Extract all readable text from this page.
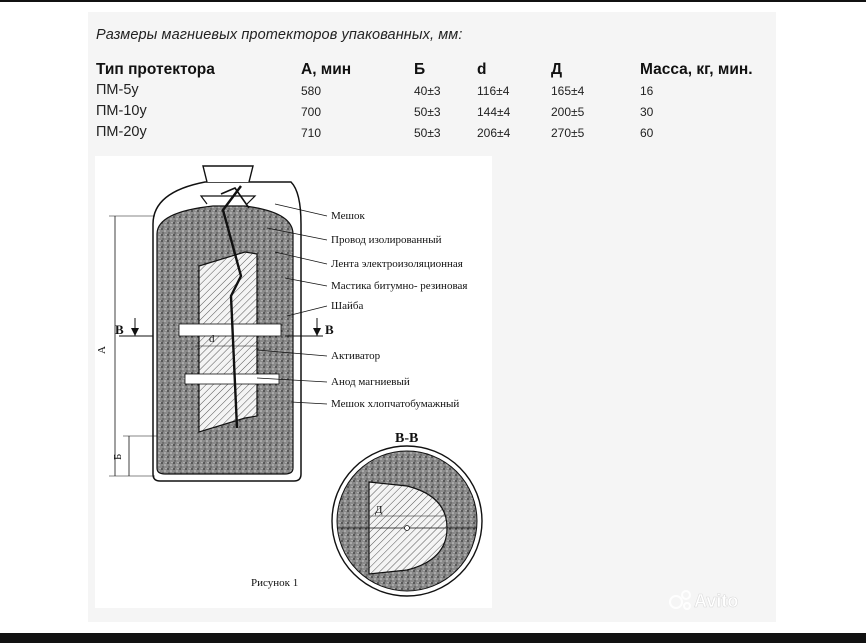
Размеры магниевых протекторов упакованных, мм:
Тип протектора	А, мин	Б	d	Д	Масса, кг, мин.
ПМ-5у	580	40±3	116±4	165±4	16
ПМ-10у	700	50±3	144±4	200±5	30
ПМ-20у	710	50±3	206±4	270±5	60
А
Б
d
В	В
Мешок
Провод изолированный
Лента электроизоляционная
Мастика битумно- резиновая
Шайба
Активатор
Анод магниевый
Мешок хлопчатобумажный
В-В
Д
Рисунок 1
Avito
